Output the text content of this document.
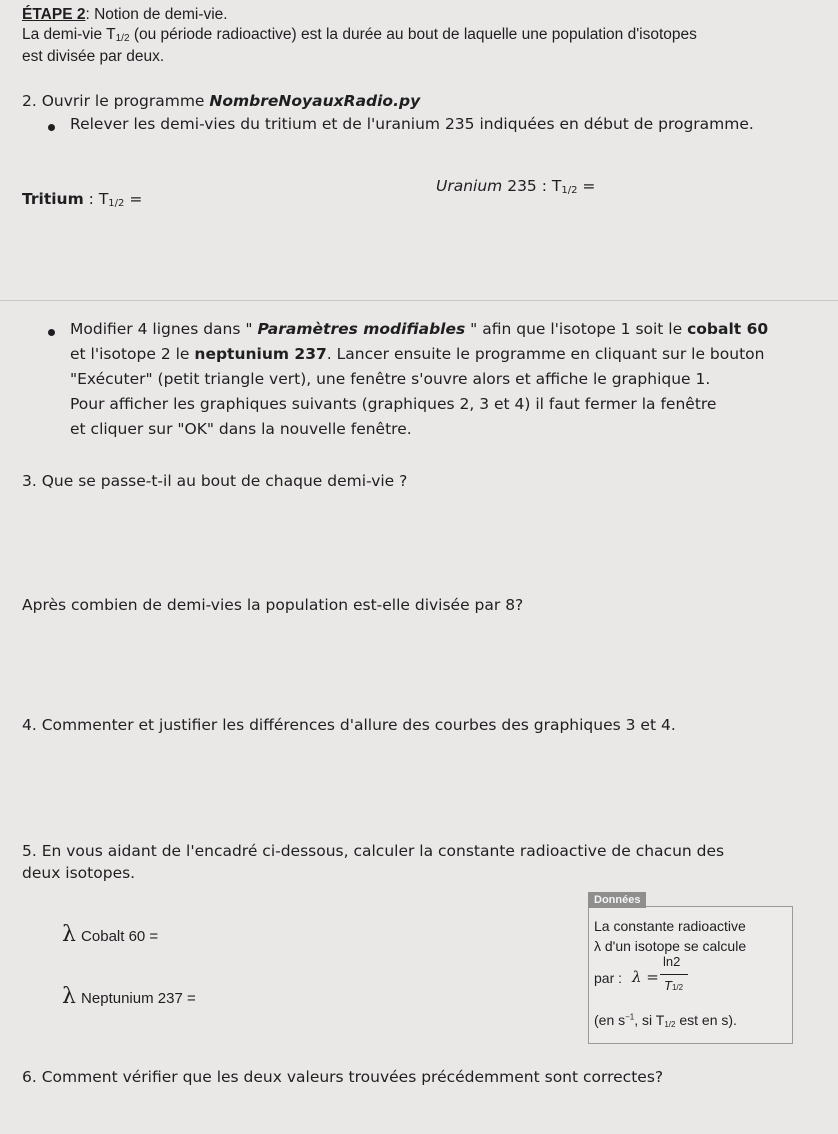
ÉTAPE 2: Notion de demi-vie.
La demi-vie $T_{1/2}$ (ou période radioactive) est la durée au bout de laquelle une population d'isotopes
est divisée par deux.
2. Ouvrir le programme NombreNoyauxRadio.py
Relever les demi-vies du tritium et de l'uranium 235 indiquées en début de programme.
Tritium : $T_{1/2}$ =
Uranium 235 : $T_{1/2}$ =
Modifier 4 lignes dans " Paramètres modifiables " afin que l'isotope 1 soit le cobalt 60
et l'isotope 2 le neptunium 237. Lancer ensuite le programme en cliquant sur le bouton
"Exécuter" (petit triangle vert), une fenêtre s'ouvre alors et affiche le graphique 1.
Pour afficher les graphiques suivants (graphiques 2, 3 et 4) il faut fermer la fenêtre
et cliquer sur "OK" dans la nouvelle fenêtre.
3. Que se passe-t-il au bout de chaque demi-vie ?
Après combien de demi-vies la population est-elle divisée par 8?
4. Commenter et justifier les différences d'allure des courbes des graphiques 3 et 4.
5. En vous aidant de l'encadré ci-dessous, calculer la constante radioactive de chacun des
deux isotopes.
λ Cobalt 60 =
λ Neptunium 237 =
Données
La constante radioactive
λ d'un isotope se calcule
par : λ =
ln2
T1/2
(en $s^{-1}$, si T1/2 est en s).
6. Comment vérifier que les deux valeurs trouvées précédemment sont correctes?
